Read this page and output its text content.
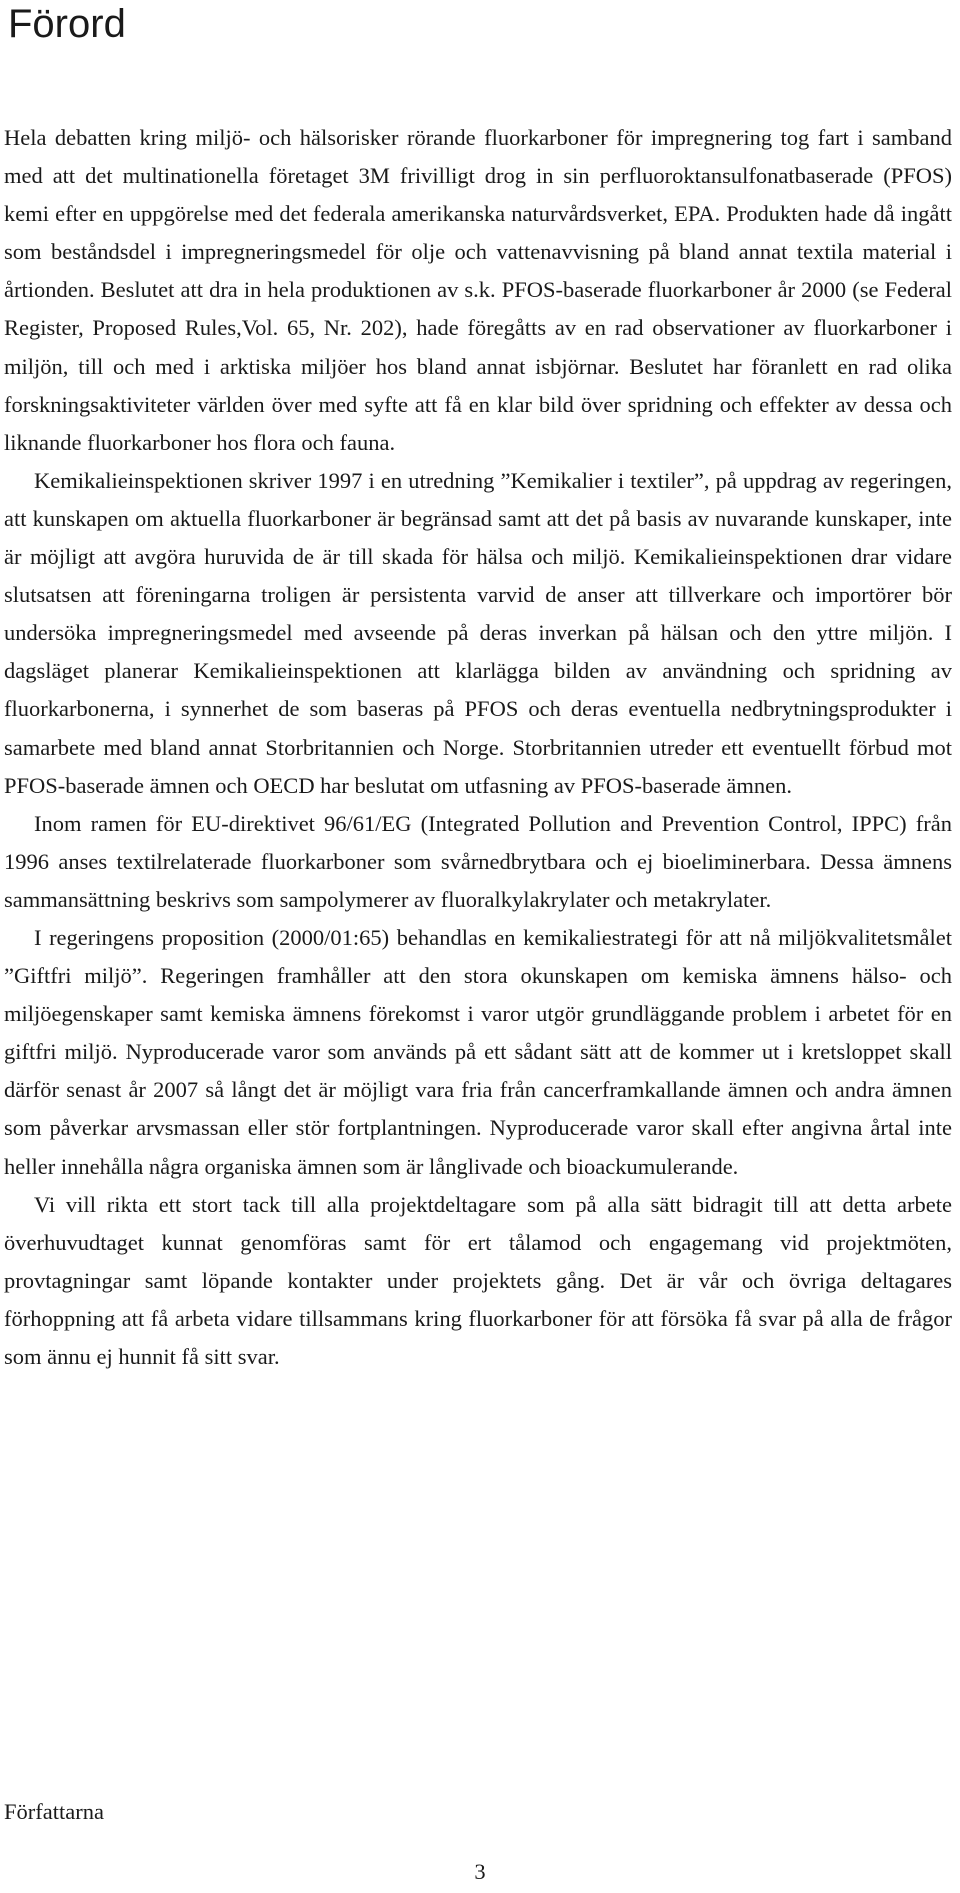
Förord

Hela debatten kring miljö- och hälsorisker rörande fluorkarboner för impregnering tog fart i samband med att det multinationella företaget 3M frivilligt drog in sin perfluoroktansulfonatbaserade (PFOS) kemi efter en uppgörelse med det federala amerikanska naturvårdsverket, EPA. Produkten hade då ingått som beståndsdel i impregneringsmedel för olje och vattenavvisning på bland annat textila material i årtionden. Beslutet att dra in hela produktionen av s.k. PFOS-baserade fluorkarboner år 2000 (se Federal Register, Proposed Rules,Vol. 65, Nr. 202), hade föregåtts av en rad observationer av fluorkarboner i miljön, till och med i arktiska miljöer hos bland annat isbjörnar. Beslutet har föranlett en rad olika forskningsaktiviteter världen över med syfte att få en klar bild över spridning och effekter av dessa och liknande fluorkarboner hos flora och fauna.

Kemikalieinspektionen skriver 1997 i en utredning ”Kemikalier i textiler”, på uppdrag av regeringen, att kunskapen om aktuella fluorkarboner är begränsad samt att det på basis av nuvarande kunskaper, inte är möjligt att avgöra huruvida de är till skada för hälsa och miljö. Kemikalieinspektionen drar vidare slutsatsen att föreningarna troligen är persistenta varvid de anser att tillverkare och importörer bör undersöka impregneringsmedel med avseende på deras inverkan på hälsan och den yttre miljön. I dagsläget planerar Kemikalieinspektionen att klarlägga bilden av användning och spridning av fluorkarbonerna, i synnerhet de som baseras på PFOS och deras eventuella nedbrytningsprodukter i samarbete med bland annat Storbritannien och Norge. Storbritannien utreder ett eventuellt förbud mot PFOS-baserade ämnen och OECD har beslutat om utfasning av PFOS-baserade ämnen.

Inom ramen för EU-direktivet 96/61/EG (Integrated Pollution and Prevention Control, IPPC) från 1996 anses textilrelaterade fluorkarboner som svårnedbrytbara och ej bioeliminerbara. Dessa ämnens sammansättning beskrivs som sampolymerer av fluoralkylakrylater och metakrylater.

I regeringens proposition (2000/01:65) behandlas en kemikaliestrategi för att nå miljökvalitetsmålet ”Giftfri miljö”. Regeringen framhåller att den stora okunskapen om kemiska ämnens hälso- och miljöegenskaper samt kemiska ämnens förekomst i varor utgör grundläggande problem i arbetet för en giftfri miljö. Nyproducerade varor som används på ett sådant sätt att de kommer ut i kretsloppet skall därför senast år 2007 så långt det är möjligt vara fria från cancerframkallande ämnen och andra ämnen som påverkar arvsmassan eller stör fortplantningen. Nyproducerade varor skall efter angivna årtal inte heller innehålla några organiska ämnen som är långlivade och bioackumulerande.

Vi vill rikta ett stort tack till alla projektdeltagare som på alla sätt bidragit till att detta arbete överhuvudtaget kunnat genomföras samt för ert tålamod och engagemang vid projektmöten, provtagningar samt löpande kontakter under projektets gång. Det är vår och övriga deltagares förhoppning att få arbeta vidare tillsammans kring fluorkarboner för att försöka få svar på alla de frågor som ännu ej hunnit få sitt svar.

Författarna

3
